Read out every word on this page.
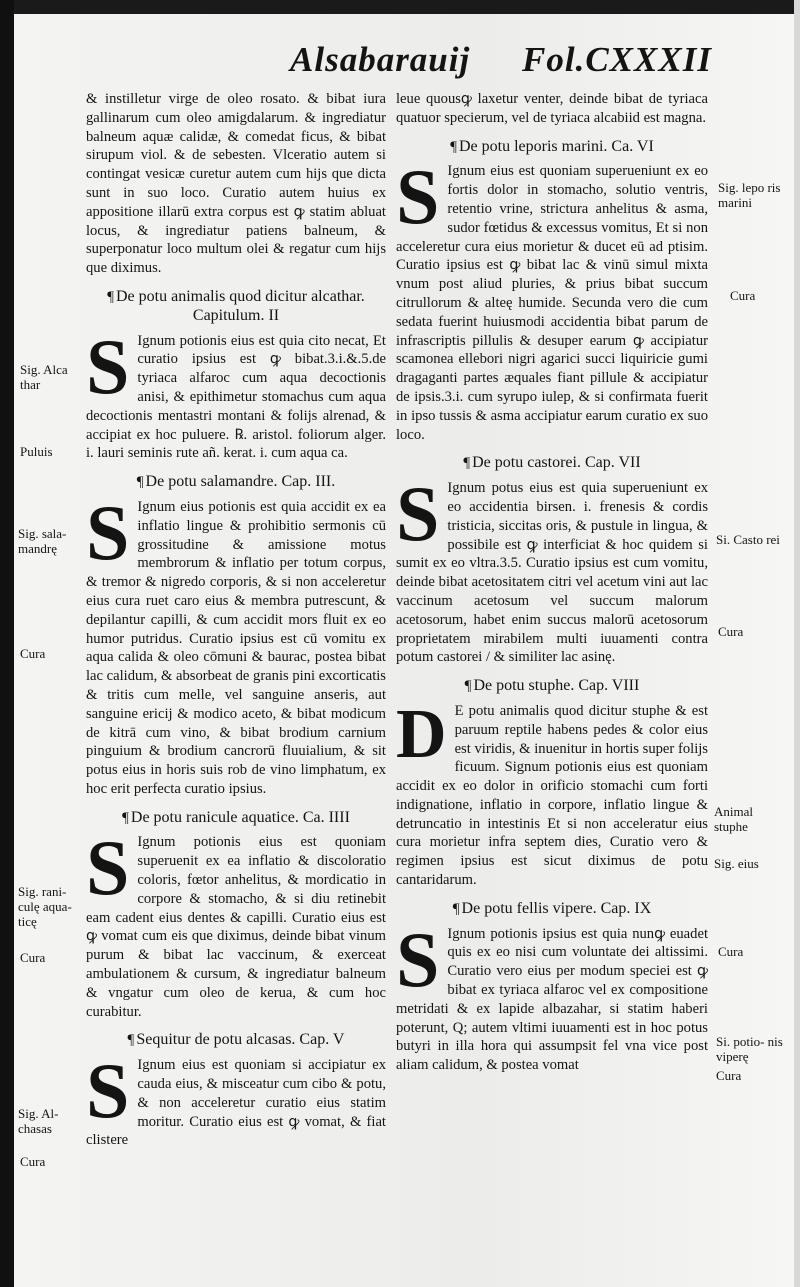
Alsabarauij Fol.CXXXII

& instilletur virge de oleo rosato. & bibat iura gallinarum cum oleo amigdalarum. & ingrediatur balneum aquæ calidæ, & comedat ficus, & bibat sirupum viol. & de sebesten. Vlceratio autem si contingat vesicæ curetur autem cum hijs que dicta sunt in suo loco. Curatio autem huius ex appositione illarū extra corpus est ꝙ statim abluat locus, & ingrediatur patiens balneum, & superponatur loco multum olei & regatur cum hijs que diximus.

¶ De potu animalis quod dicitur alcathar. Capitulum. II

S Ignum potionis eius est quia cito necat, Et curatio ipsius est ꝙ bibat.3.i.&.5.de tyriaca alfaroc cum aqua decoctionis anisi, & epithimetur stomachus cum aqua decoctionis mentastri montani & folijs alrenad, & accipiat ex hoc puluere. ℞. aristol. foliorum alger. i. lauri seminis rute añ. kerat. i. cum aqua ca.

¶ De potu salamandre. Cap. III.

S Ignum eius potionis est quia accidit ex ea inflatio lingue & prohibitio sermonis cū grossitudine & amissione motus membrorum & inflatio per totum corpus, & tremor & nigredo corporis, & si non acceleretur eius cura ruet caro eius & membra putrescunt, & depilantur capilli, & cum accidit mors fluit ex eo humor putridus. Curatio ipsius est cū vomitu ex aqua calida & oleo cōmuni & baurac, postea bibat lac calidum, & absorbeat de granis pini excorticatis & tritis cum melle, vel sanguine anseris, aut sanguine ericij & modico aceto, & bibat modicum de kitrā cum vino, & bibat brodium carnium pinguium & brodium cancrorū fluuialium, & sit potus eius in horis suis rob de vino limphatum, ex hoc erit perfecta curatio ipsius.

¶ De potu ranicule aquatice. Ca. IIII

S Ignum potionis eius est quoniam superuenit ex ea inflatio & discoloratio coloris, fœtor anhelitus, & mordicatio in corpore & stomacho, & si diu retinebit eam cadent eius dentes & capilli. Curatio eius est ꝙ vomat cum eis que diximus, deinde bibat vinum purum & bibat lac vaccinum, & exerceat ambulationem & cursum, & ingrediatur balneum & vngatur cum oleo de kerua, & cum hoc curabitur.

¶ Sequitur de potu alcasas. Cap. V

S Ignum eius est quoniam si accipiatur ex cauda eius, & misceatur cum cibo & potu, & non acceleretur curatio eius statim moritur. Curatio eius est ꝙ vomat, & fiat clistere

leue quousꝙ laxetur venter, deinde bibat de tyriaca quatuor specierum, vel de tyriaca alcabiid est magna.

¶ De potu leporis marini. Ca. VI

S Ignum eius est quoniam superueniunt ex eo fortis dolor in stomacho, solutio ventris, retentio vrine, strictura anhelitus & asma, sudor fœtidus & excessus vomitus, Et si non acceleretur cura eius morietur & ducet eū ad ptisim. Curatio ipsius est ꝙ bibat lac & vinū simul mixta vnum post aliud pluries, & prius bibat succum citrullorum & alteę humide. Secunda vero die cum sedata fuerint huiusmodi accidentia bibat parum de infrascriptis pillulis & desuper earum ꝙ accipiatur scamonea ellebori nigri agarici succi liquiricie gumi dragaganti partes æquales fiant pillule & accipiatur de ipsis.3.i. cum syrupo iulep, & si confirmata fuerit in ipso tussis & asma accipiatur earum curatio ex suo loco.

¶ De potu castorei. Cap. VII

S Ignum potus eius est quia superueniunt ex eo accidentia birsen. i. frenesis & cordis tristicia, siccitas oris, & pustule in lingua, & possibile est ꝙ interficiat & hoc quidem si sumit ex eo vltra.3.5. Curatio ipsius est cum vomitu, deinde bibat acetositatem citri vel acetum vini aut lac vaccinum acetosum vel succum malorum acetosorum, habet enim succus malorū acetosorum proprietatem mirabilem multi iuuamenti contra potum castorei / & similiter lac asinę.

¶ De potu stuphe. Cap. VIII

D E potu animalis quod dicitur stuphe & est paruum reptile habens pedes & color eius est viridis, & inuenitur in hortis super folijs ficuum. Signum potionis eius est quoniam accidit ex eo dolor in orificio stomachi cum forti indignatione, inflatio in corpore, inflatio lingue & detruncatio in intestinis Et si non acceleratur eius cura morietur infra septem dies, Curatio vero & regimen ipsius est sicut diximus de potu cantaridarum.

¶ De potu fellis vipere. Cap. IX

S Ignum potionis ipsius est quia nunꝙ euadet quis ex eo nisi cum voluntate dei altissimi. Curatio vero eius per modum speciei est ꝙ bibat ex tyriaca alfaroc vel ex compositione metridati & ex lapide albazahar, si statim haberi poterunt, Q; autem vltimi iuuamenti est in hoc potus butyri in illa hora qui assumpsit fel vna vice post aliam calidum, & postea vomat

Sig. Alca thar
Puluis
Sig. sala- mandrę
Cura
Sig. rani- culę aqua- ticę
Cura
Sig. Al- chasas
Cura
Sig. lepo ris marini
Cura
Si. Casto rei
Cura
Animal stuphe
Sig. eius
Cura
Si. potio- nis viperę
Cura
